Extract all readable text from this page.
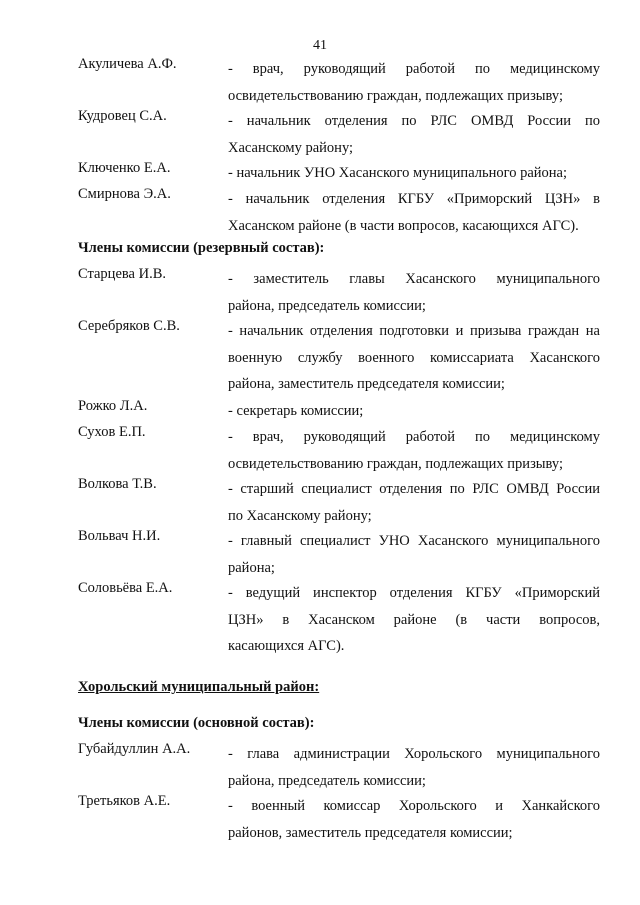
41
Акуличева А.Ф.	- врач, руководящий работой по медицинскому
освидетельствованию граждан, подлежащих призыву;
Кудровец С.А.	- начальник отделения по РЛС ОМВД России по
Хасанскому району;
Ключенко Е.А.	- начальник УНО Хасанского муниципального района;
Смирнова Э.А.	- начальник отделения КГБУ «Приморский ЦЗН» в
Хасанском районе (в части вопросов, касающихся АГС).
Члены комиссии (резервный состав):
Старцева И.В.	- заместитель главы Хасанского муниципального
района, председатель комиссии;
Серебряков С.В.	- начальник отделения подготовки и призыва граждан на
военную службу военного комиссариата Хасанского
района, заместитель председателя комиссии;
Рожко Л.А.	- секретарь комиссии;
Сухов Е.П.	- врач, руководящий работой по медицинскому
освидетельствованию граждан, подлежащих призыву;
Волкова Т.В.	- старший специалист отделения по РЛС ОМВД России
по Хасанскому району;
Вольвач Н.И.	- главный специалист УНО Хасанского муниципального
района;
Соловьёва Е.А.	- ведущий инспектор отделения КГБУ «Приморский
ЦЗН» в Хасанском районе (в части вопросов,
касающихся АГС).
Хорольский муниципальный район:
Члены комиссии (основной состав):
Губайдуллин А.А.	- глава администрации Хорольского муниципального
района, председатель комиссии;
Третьяков А.Е.	- военный комиссар Хорольского и Ханкайского
районов, заместитель председателя комиссии;
